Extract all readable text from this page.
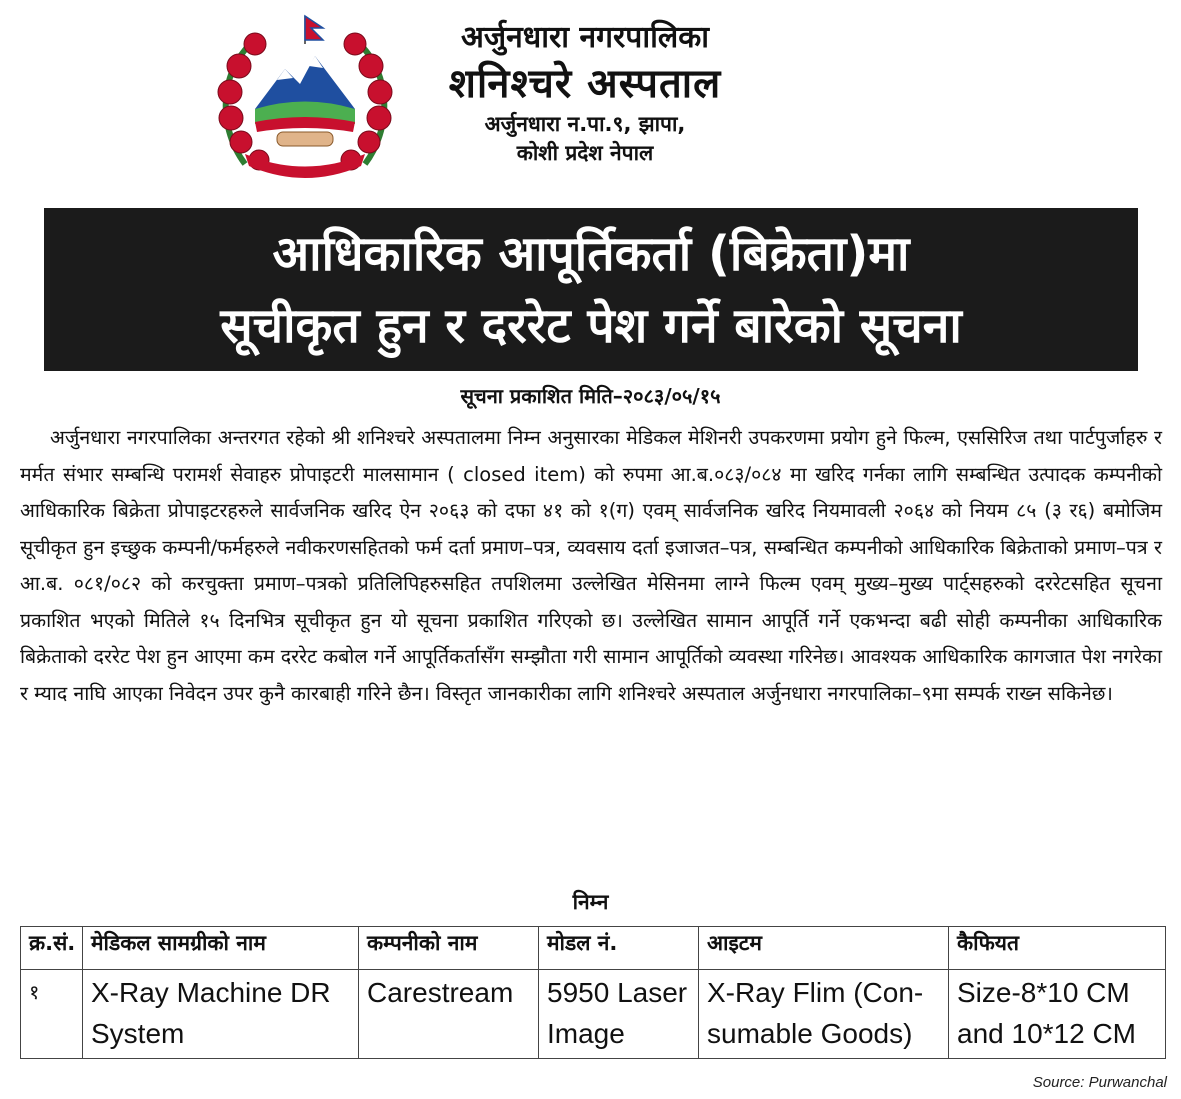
अर्जुनधारा नगरपालिका
शनिश्चरे अस्पताल
अर्जुनधारा न.पा.९, झापा,
कोशी प्रदेश नेपाल
आधिकारिक आपूर्तिकर्ता (बिक्रेता)मा
सूचीकृत हुन र दररेट पेश गर्ने बारेको सूचना
सूचना प्रकाशित मिति–२०८३/०५/१५
अर्जुनधारा नगरपालिका अन्तरगत रहेको श्री शनिश्चरे अस्पतालमा निम्न अनुसारका मेडिकल मेशिनरी उपकरणमा प्रयोग हुने फिल्म, एससिरिज तथा पार्टपुर्जाहरु र मर्मत संभार सम्बन्धि परामर्श सेवाहरु प्रोपाइटरी मालसामान ( closed item) को रुपमा आ.ब.०८३/०८४ मा खरिद गर्नका लागि सम्बन्धित उत्पादक कम्पनीको आधिकारिक बिक्रेता प्रोपाइटरहरुले सार्वजनिक खरिद ऐन २०६३ को दफा ४१ को १(ग) एवम् सार्वजनिक खरिद नियमावली २०६४ को नियम ८५ (३ र६) बमोजिम सूचीकृत हुन इच्छुक कम्पनी/फर्महरुले नवीकरणसहितको फर्म दर्ता प्रमाण–पत्र, व्यवसाय दर्ता इजाजत–पत्र, सम्बन्धित कम्पनीको आधिकारिक बिक्रेताको प्रमाण–पत्र र आ.ब. ०८१/०८२ को करचुक्ता प्रमाण–पत्रको प्रतिलिपिहरुसहित तपशिलमा उल्लेखित मेसिनमा लाग्ने फिल्म एवम् मुख्य–मुख्य पार्ट्सहरुको दररेटसहित सूचना प्रकाशित भएको मितिले १५ दिनभित्र सूचीकृत हुन यो सूचना प्रकाशित गरिएको छ। उल्लेखित सामान आपूर्ति गर्ने एकभन्दा बढी सोही कम्पनीका आधिकारिक बिक्रेताको दररेट पेश हुन आएमा कम दररेट कबोल गर्ने आपूर्तिकर्तासँग सम्झौता गरी सामान आपूर्तिको व्यवस्था गरिनेछ। आवश्यक आधिकारिक कागजात पेश नगरेका र म्याद नाघि आएका निवेदन उपर कुनै कारबाही गरिने छैन। विस्तृत जानकारीका लागि शनिश्चरे अस्पताल अर्जुनधारा नगरपालिका–९मा सम्पर्क राख्न सकिनेछ।
निम्न
क्र.सं.	मेडिकल सामग्रीको नाम	कम्पनीको नाम	मोडल नं.	आइटम	कैफियत
१	X-Ray Machine DR System	Carestream	5950 Laser Image	X-Ray Flim (Con-sumable Goods)	Size-8*10 CM and 10*12 CM
Source: Purwanchal
